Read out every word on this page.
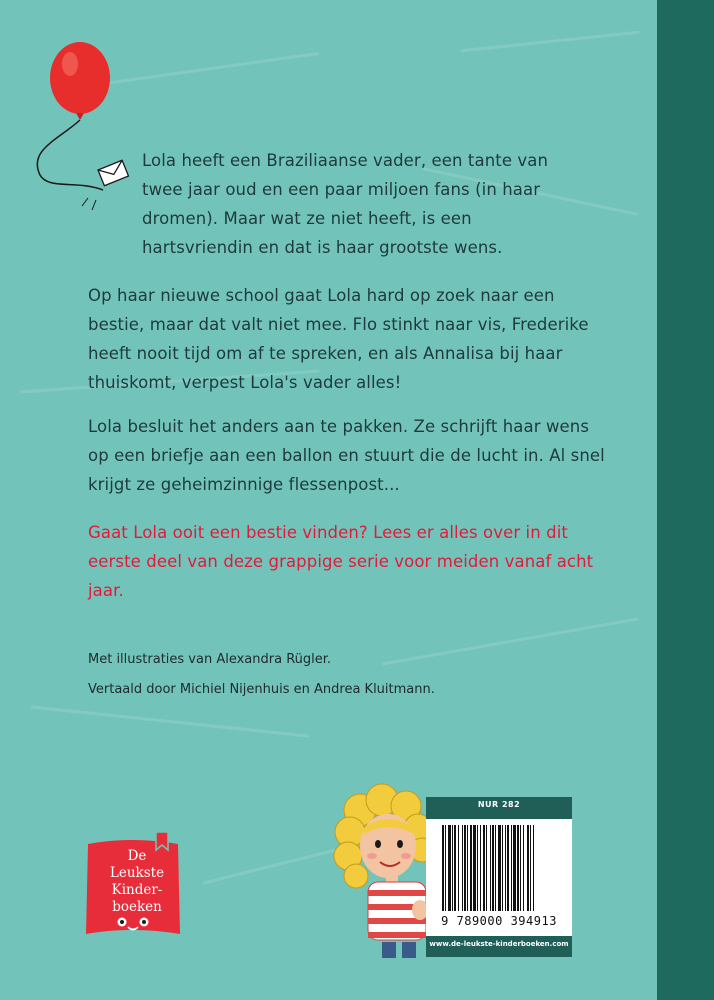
Lola heeft een Braziliaanse vader, een tante van twee jaar oud en een paar miljoen fans (in haar dromen). Maar wat ze niet heeft, is een hartsvriendin en dat is haar grootste wens.

Op haar nieuwe school gaat Lola hard op zoek naar een bestie, maar dat valt niet mee. Flo stinkt naar vis, Frederike heeft nooit tijd om af te spreken, en als Annalisa bij haar thuiskomt, verpest Lola's vader alles!

Lola besluit het anders aan te pakken. Ze schrijft haar wens op een briefje aan een ballon en stuurt die de lucht in. Al snel krijgt ze geheimzinnige flessenpost...

Gaat Lola ooit een bestie vinden? Lees er alles over in dit eerste deel van deze grappige serie voor meiden vanaf acht jaar.

Met illustraties van Alexandra Rügler.

Vertaald door Michiel Nijenhuis en Andrea Kluitmann.

De
Leukste
Kinder-
boeken
NUR 282
9 789000 394913
www.de-leukste-kinderboeken.com
